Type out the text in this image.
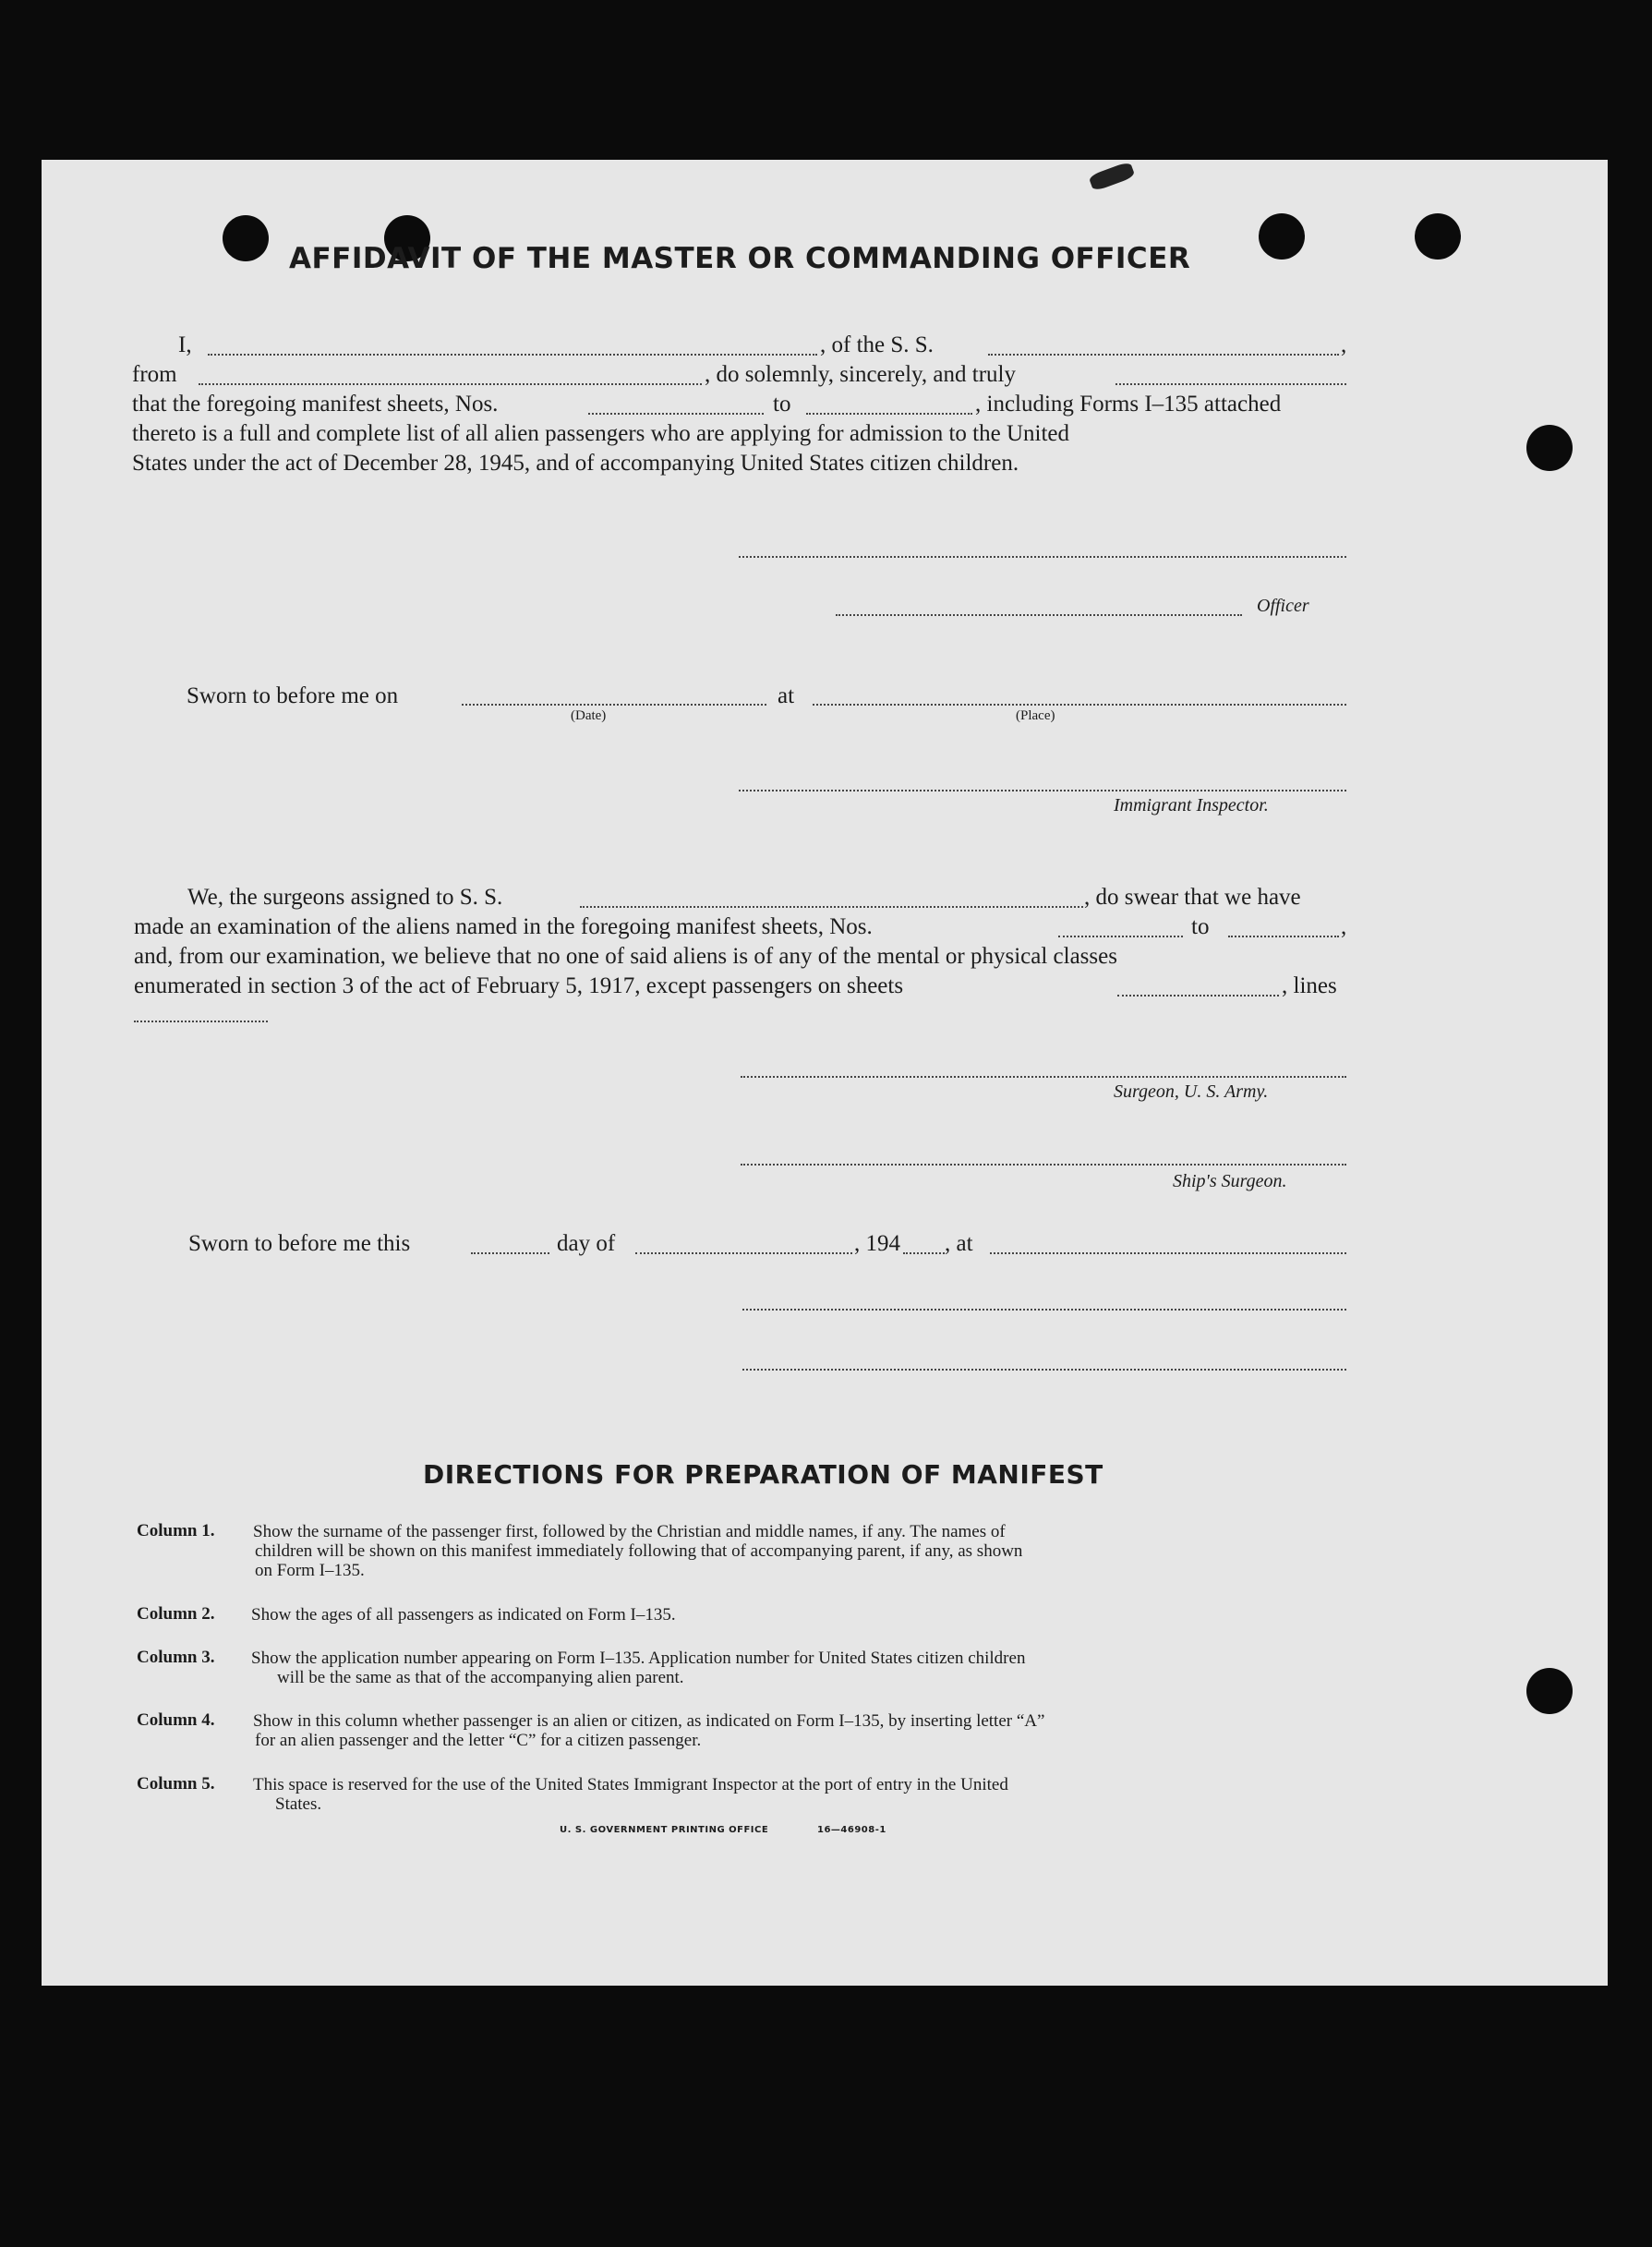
AFFIDAVIT OF THE MASTER OR COMMANDING OFFICER
I,	, of the S. S.	,
from	, do solemnly, sincerely, and truly
that the foregoing manifest sheets, Nos.	to	, including Forms I–135 attached
thereto is a full and complete list of all alien passengers who are applying for admission to the United
States under the act of December 28, 1945, and of accompanying United States citizen children.
Officer
Sworn to before me on	at
(Date)	(Place)
Immigrant Inspector.
We, the surgeons assigned to S. S.	, do swear that we have
made an examination of the aliens named in the foregoing manifest sheets, Nos.	to	,
and, from our examination, we believe that no one of said aliens is of any of the mental or physical classes
enumerated in section 3 of the act of February 5, 1917, except passengers on sheets	, lines
Surgeon, U. S. Army.
Ship's Surgeon.
Sworn to before me this	day of	, 194 , at
DIRECTIONS FOR PREPARATION OF MANIFEST
Column 1. Show the surname of the passenger first, followed by the Christian and middle names, if any. The names of
children will be shown on this manifest immediately following that of accompanying parent, if any, as shown
on Form I–135.
Column 2. Show the ages of all passengers as indicated on Form I–135.
Column 3. Show the application number appearing on Form I–135. Application number for United States citizen children
will be the same as that of the accompanying alien parent.
Column 4. Show in this column whether passenger is an alien or citizen, as indicated on Form I–135, by inserting letter “A”
for an alien passenger and the letter “C” for a citizen passenger.
Column 5. This space is reserved for the use of the United States Immigrant Inspector at the port of entry in the United
States.
U. S. GOVERNMENT PRINTING OFFICE	16—46908-1
